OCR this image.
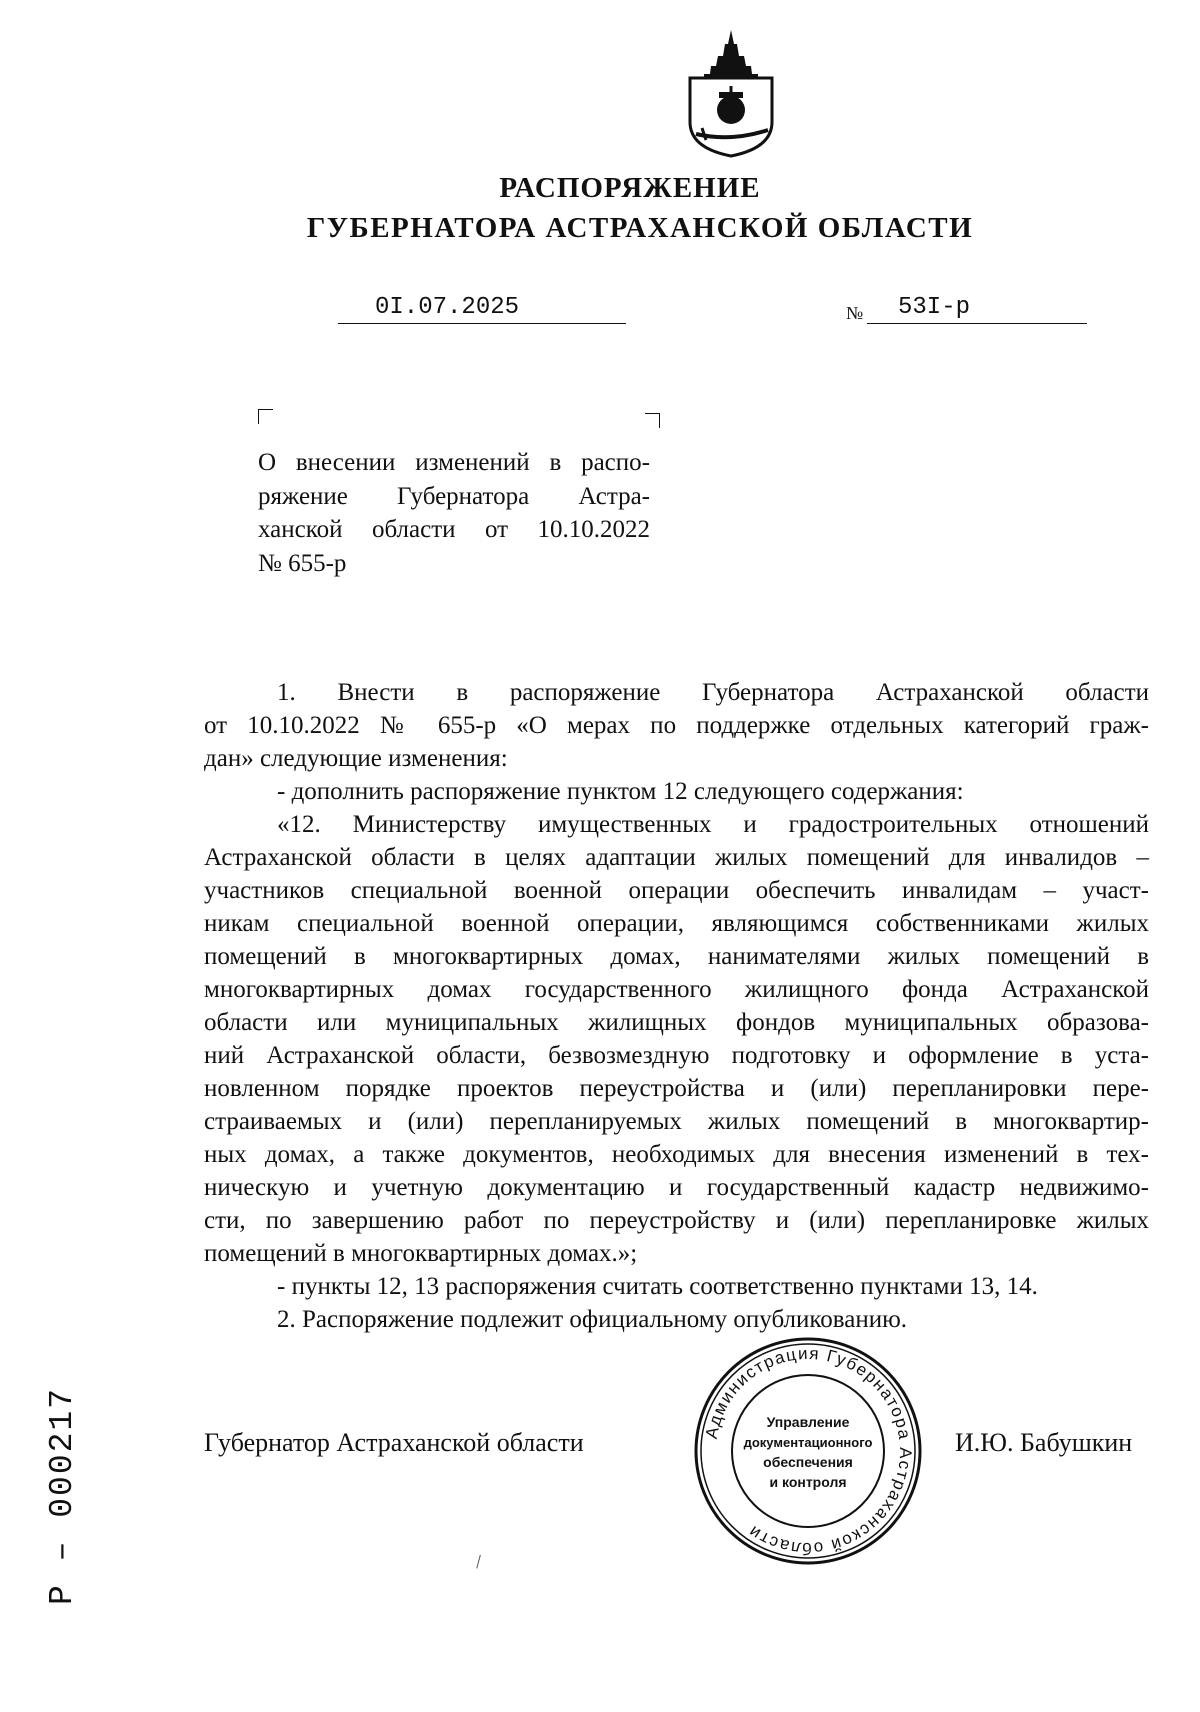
РАСПОРЯЖЕНИЕ
ГУБЕРНАТОРА АСТРАХАНСКОЙ ОБЛАСТИ
0I.07.2025	№ 53I-р
О внесении изменений в распо-
ряжение Губернатора Астра-
ханской области от 10.10.2022
№ 655-р
1. Внести в распоряжение Губернатора Астраханской области
от 10.10.2022 № 655-р «О мерах по поддержке отдельных категорий граж-
дан» следующие изменения:
- дополнить распоряжение пунктом 12 следующего содержания:
«12. Министерству имущественных и градостроительных отношений
Астраханской области в целях адаптации жилых помещений для инвалидов –
участников специальной военной операции обеспечить инвалидам – участ-
никам специальной военной операции, являющимся собственниками жилых
помещений в многоквартирных домах, нанимателями жилых помещений в
многоквартирных домах государственного жилищного фонда Астраханской
области или муниципальных жилищных фондов муниципальных образова-
ний Астраханской области, безвозмездную подготовку и оформление в уста-
новленном порядке проектов переустройства и (или) перепланировки пере-
страиваемых и (или) перепланируемых жилых помещений в многоквартир-
ных домах, а также документов, необходимых для внесения изменений в тех-
ническую и учетную документацию и государственный кадастр недвижимо-
сти, по завершению работ по переустройству и (или) перепланировке жилых
помещений в многоквартирных домах.»;
- пункты 12, 13 распоряжения считать соответственно пунктами 13, 14.
2. Распоряжение подлежит официальному опубликованию.
Губернатор Астраханской области	И.Ю. Бабушкин
Администрация Губернатора Астраханской области
Управление
документационного
обеспечения
и контроля
Р – 000217
